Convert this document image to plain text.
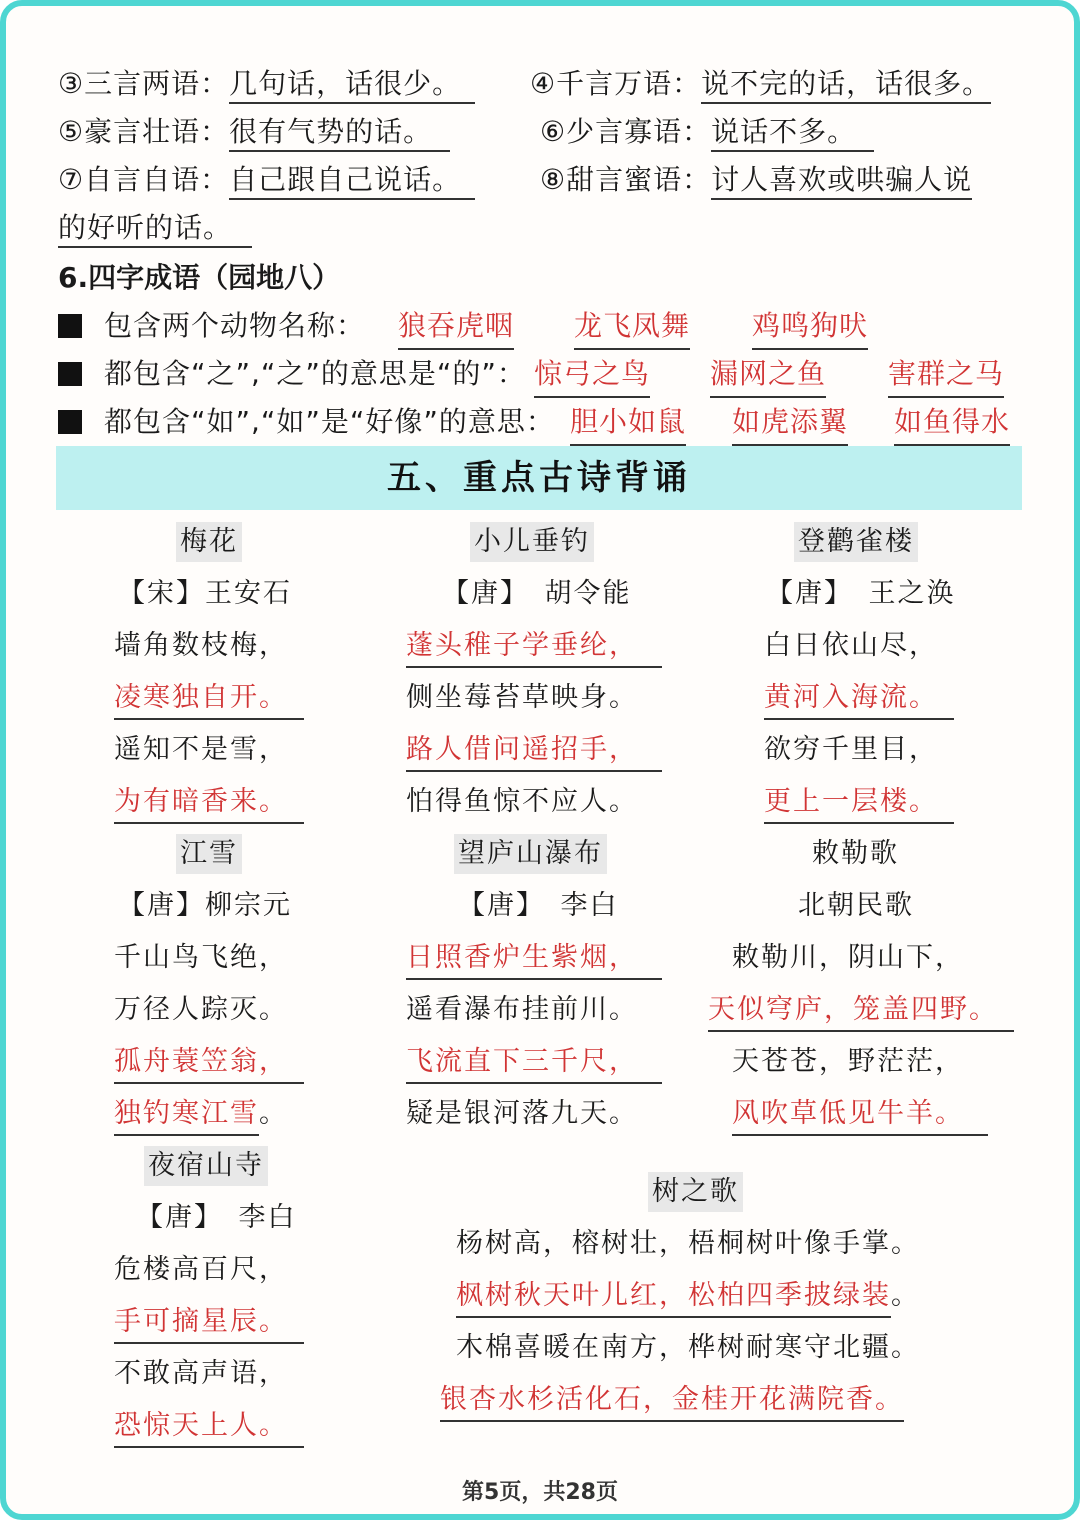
③三言两语：几句话，话很少。	④千言万语：说不完的话，话很多。
⑤豪言壮语：很有气势的话。	⑥少言寡语：说话不多。
⑦自言自语：自己跟自己说话。	⑧甜言蜜语：讨人喜欢或哄骗人说
的好听的话。
6.四字成语（园地八）
包含两个动物名称： 狼吞虎咽 龙飞凤舞 鸡鸣狗吠
都包含“之”,“之”的意思是“的”： 惊弓之鸟 漏网之鱼 害群之马
都包含“如”,“如”是“好像”的意思： 胆小如鼠 如虎添翼 如鱼得水
五、重点古诗背诵
梅花
【宋】王安石
墙角数枝梅，
凌寒独自开。
遥知不是雪，
为有暗香来。
小儿垂钓
【唐】　胡令能
蓬头稚子学垂纶，
侧坐莓苔草映身。
路人借问遥招手，
怕得鱼惊不应人。
登鹳雀楼
【唐】　王之涣
白日依山尽，
黄河入海流。
欲穷千里目，
更上一层楼。
江雪
【唐】柳宗元
千山鸟飞绝，
万径人踪灭。
孤舟蓑笠翁，
独钓寒江雪。
望庐山瀑布
【唐】　李白
日照香炉生紫烟，
遥看瀑布挂前川。
飞流直下三千尺，
疑是银河落九天。
敕勒歌
北朝民歌
敕勒川，阴山下，
天似穹庐，笼盖四野。
天苍苍，野茫茫，
风吹草低见牛羊。
夜宿山寺
【唐】　李白
危楼高百尺，
手可摘星辰。
不敢高声语，
恐惊天上人。
树之歌
杨树高，榕树壮，梧桐树叶像手掌。
枫树秋天叶儿红，松柏四季披绿装。
木棉喜暖在南方，桦树耐寒守北疆。
银杏水杉活化石，金桂开花满院香。
第5页，共28页
